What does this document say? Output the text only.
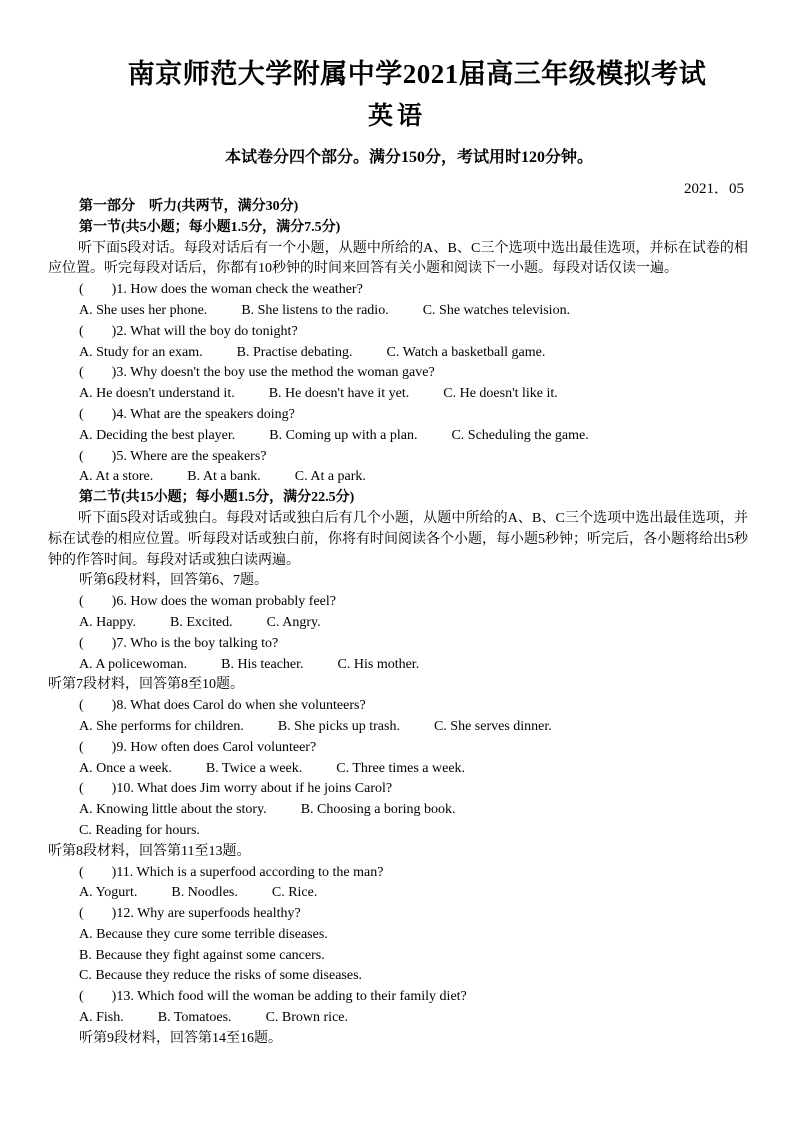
南京师范大学附属中学2021届高三年级模拟考试
英语
本试卷分四个部分。满分150分，考试用时120分钟。
2021．05
第一部分　听力(共两节，满分30分)
第一节(共5小题；每小题1.5分，满分7.5分)
听下面5段对话。每段对话后有一个小题，从题中所给的A、B、C三个选项中选出最佳选项，并标在试卷的相应位置。听完每段对话后，你都有10秒钟的时间来回答有关小题和阅读下一小题。每段对话仅读一遍。
(　　)1. How does the woman check the weather?
A. She uses her phone. B. She listens to the radio. C. She watches television.
(　　)2. What will the boy do tonight?
A. Study for an exam. B. Practise debating. C. Watch a basketball game.
(　　)3. Why doesn't the boy use the method the woman gave?
A. He doesn't understand it. B. He doesn't have it yet. C. He doesn't like it.
(　　)4. What are the speakers doing?
A. Deciding the best player. B. Coming up with a plan. C. Scheduling the game.
(　　)5. Where are the speakers?
A. At a store. B. At a bank. C. At a park.
第二节(共15小题；每小题1.5分，满分22.5分)
听下面5段对话或独白。每段对话或独白后有几个小题，从题中所给的A、B、C三个选项中选出最佳选项，并标在试卷的相应位置。听每段对话或独白前，你将有时间阅读各个小题，每小题5秒钟；听完后，各小题将给出5秒钟的作答时间。每段对话或独白读两遍。
听第6段材料，回答第6、7题。
(　　)6. How does the woman probably feel?
A. Happy. B. Excited. C. Angry.
(　　)7. Who is the boy talking to?
A. A policewoman. B. His teacher. C. His mother.
听第7段材料，回答第8至10题。
(　　)8. What does Carol do when she volunteers?
A. She performs for children. B. She picks up trash. C. She serves dinner.
(　　)9. How often does Carol volunteer?
A. Once a week. B. Twice a week. C. Three times a week.
(　　)10. What does Jim worry about if he joins Carol?
A. Knowing little about the story. B. Choosing a boring book.
C. Reading for hours.
听第8段材料，回答第11至13题。
(　　)11. Which is a superfood according to the man?
A. Yogurt. B. Noodles. C. Rice.
(　　)12. Why are superfoods healthy?
A. Because they cure some terrible diseases.
B. Because they fight against some cancers.
C. Because they reduce the risks of some diseases.
(　　)13. Which food will the woman be adding to their family diet?
A. Fish. B. Tomatoes. C. Brown rice.
听第9段材料，回答第14至16题。
